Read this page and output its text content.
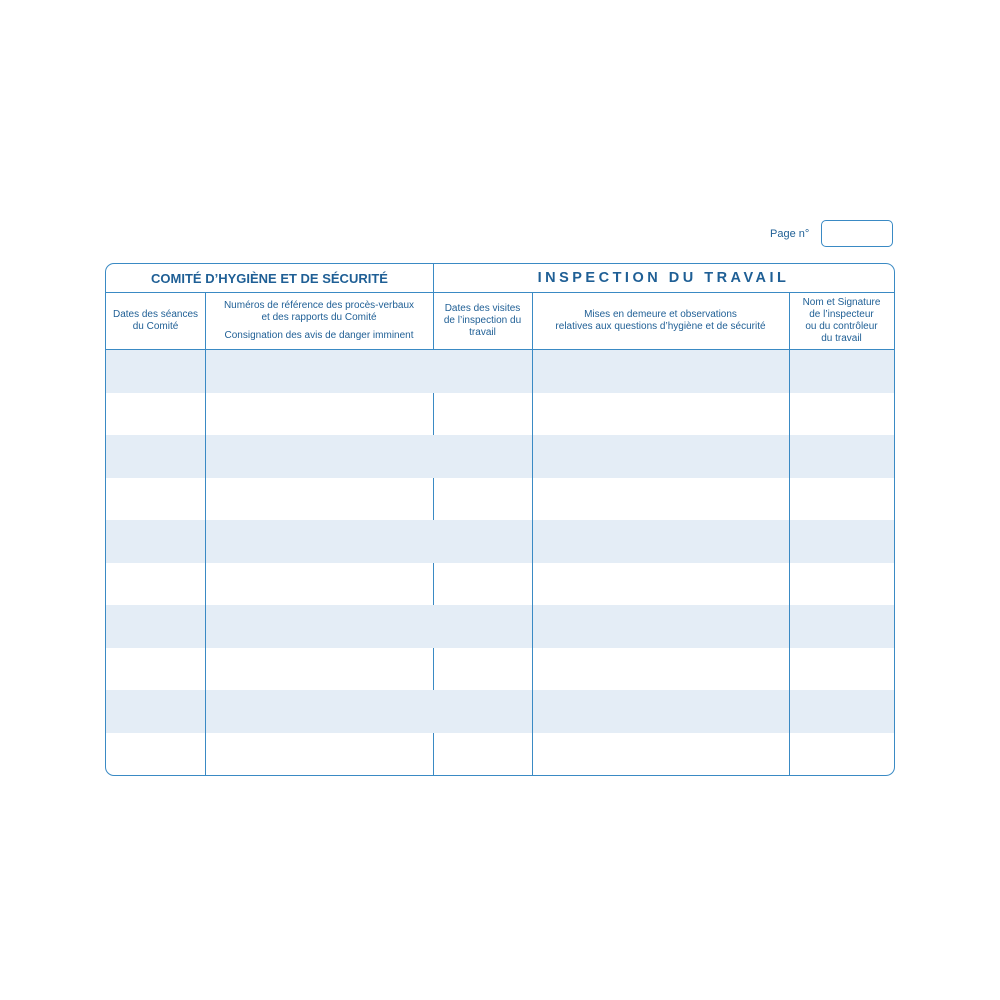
Page n°
COMITÉ D’HYGIÈNE ET DE SÉCURITÉ	INSPECTION DU TRAVAIL
Dates des séances
du Comité
Numéros de référence des procès-verbaux
et des rapports du Comité
Consignation des avis de danger imminent
Dates des visites
de l’inspection du
travail
Mises en demeure et observations
relatives aux questions d’hygiène et de sécurité
Nom et Signature
de l’inspecteur
ou du contrôleur
du travail
